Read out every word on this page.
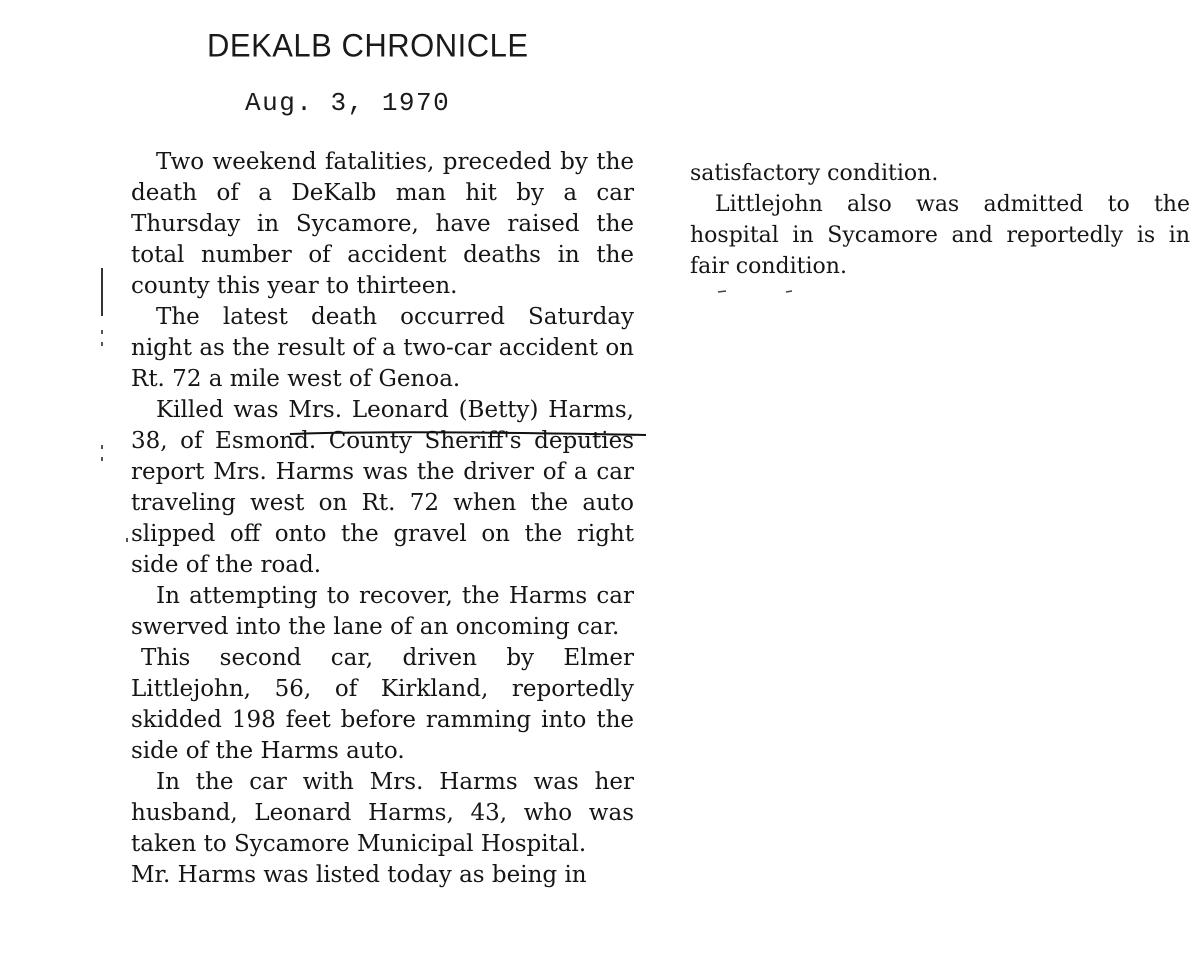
DEKALB CHRONICLE
Aug. 3, 1970

Two weekend fatalities, preceded by the death of a DeKalb man hit by a car Thursday in Sycamore, have raised the total number of accident deaths in the county this year to thirteen.

The latest death occurred Saturday night as the result of a two-car accident on Rt. 72 a mile west of Genoa.

Killed was Mrs. Leonard (Betty) Harms, 38, of Esmond. County Sheriff's deputies report Mrs. Harms was the driver of a car traveling west on Rt. 72 when the auto slipped off onto the gravel on the right side of the road.

In attempting to recover, the Harms car swerved into the lane of an oncoming car.

This second car, driven by Elmer Littlejohn, 56, of Kirkland, reportedly skidded 198 feet before ramming into the side of the Harms auto.

In the car with Mrs. Harms was her husband, Leonard Harms, 43, who was taken to Sycamore Municipal Hospital.

Mr. Harms was listed today as being in

satisfactory condition.

Littlejohn also was admitted to the hospital in Sycamore and reportedly is in fair condition.
